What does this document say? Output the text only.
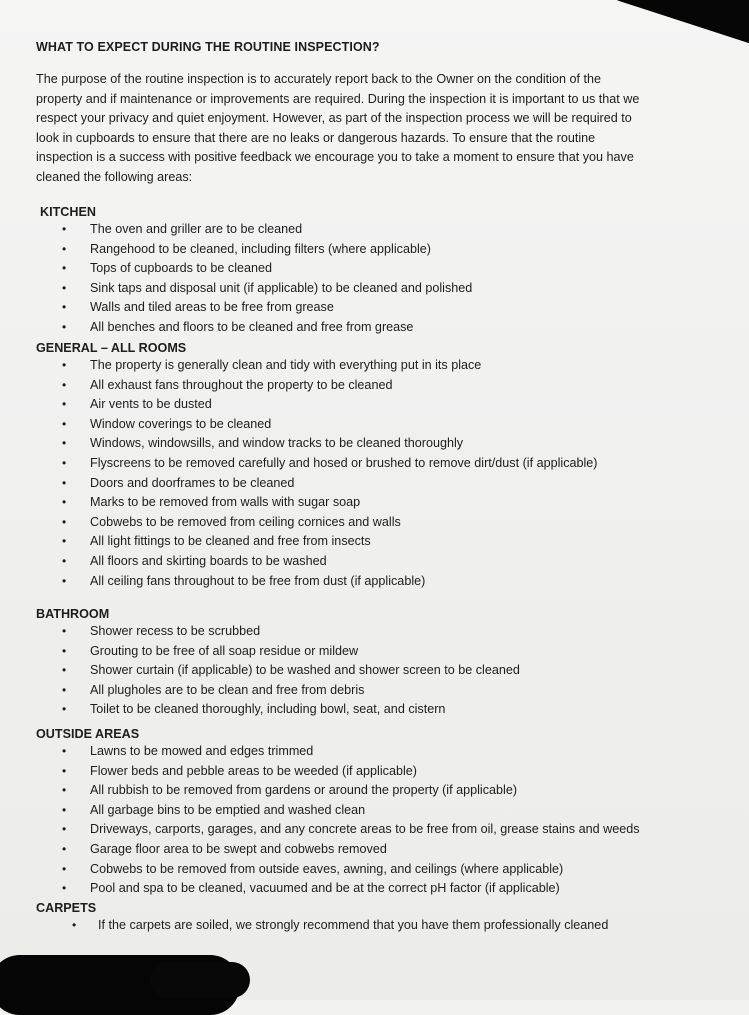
WHAT TO EXPECT DURING THE ROUTINE INSPECTION?
The purpose of the routine inspection is to accurately report back to the Owner on the condition of the
property and if maintenance or improvements are required. During the inspection it is important to us that we
respect your privacy and quiet enjoyment. However, as part of the inspection process we will be required to
look in cupboards to ensure that there are no leaks or dangerous hazards. To ensure that the routine
inspection is a success with positive feedback we encourage you to take a moment to ensure that you have
cleaned the following areas:
KITCHEN
• The oven and griller are to be cleaned
• Rangehood to be cleaned, including filters (where applicable)
• Tops of cupboards to be cleaned
• Sink taps and disposal unit (if applicable) to be cleaned and polished
• Walls and tiled areas to be free from grease
• All benches and floors to be cleaned and free from grease
GENERAL – ALL ROOMS
• The property is generally clean and tidy with everything put in its place
• All exhaust fans throughout the property to be cleaned
• Air vents to be dusted
• Window coverings to be cleaned
• Windows, windowsills, and window tracks to be cleaned thoroughly
• Flyscreens to be removed carefully and hosed or brushed to remove dirt/dust (if applicable)
• Doors and doorframes to be cleaned
• Marks to be removed from walls with sugar soap
• Cobwebs to be removed from ceiling cornices and walls
• All light fittings to be cleaned and free from insects
• All floors and skirting boards to be washed
• All ceiling fans throughout to be free from dust (if applicable)
BATHROOM
• Shower recess to be scrubbed
• Grouting to be free of all soap residue or mildew
• Shower curtain (if applicable) to be washed and shower screen to be cleaned
• All plugholes are to be clean and free from debris
• Toilet to be cleaned thoroughly, including bowl, seat, and cistern
OUTSIDE AREAS
• Lawns to be mowed and edges trimmed
• Flower beds and pebble areas to be weeded (if applicable)
• All rubbish to be removed from gardens or around the property (if applicable)
• All garbage bins to be emptied and washed clean
• Driveways, carports, garages, and any concrete areas to be free from oil, grease stains and weeds
• Garage floor area to be swept and cobwebs removed
• Cobwebs to be removed from outside eaves, awning, and ceilings (where applicable)
• Pool and spa to be cleaned, vacuumed and be at the correct pH factor (if applicable)
CARPETS
• If the carpets are soiled, we strongly recommend that you have them professionally cleaned
